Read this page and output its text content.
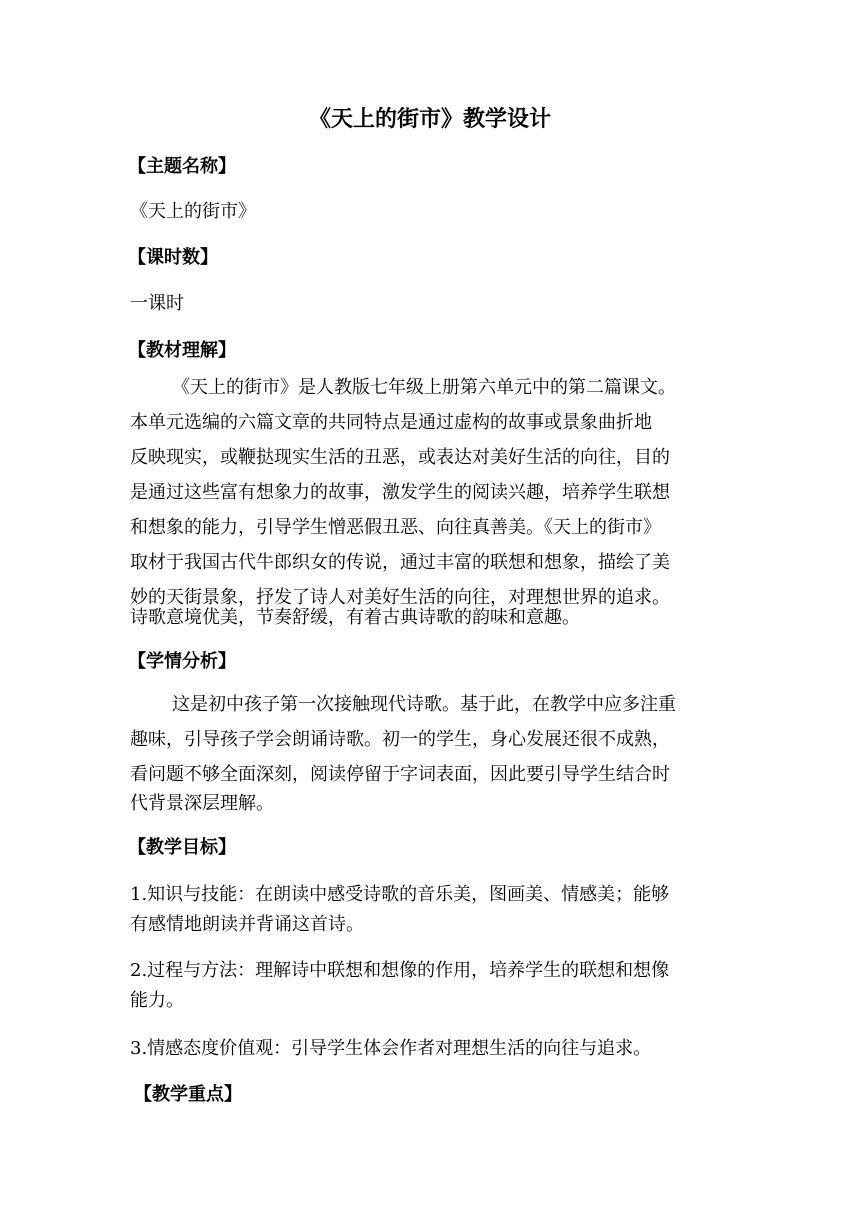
《天上的街市》教学设计
【主题名称】
《天上的街市》
【课时数】
一课时
【教材理解】
《天上的街市》是人教版七年级上册第六单元中的第二篇课文。
本单元选编的六篇文章的共同特点是通过虚构的故事或景象曲折地
反映现实，或鞭挞现实生活的丑恶，或表达对美好生活的向往，目的
是通过这些富有想象力的故事，激发学生的阅读兴趣，培养学生联想
和想象的能力，引导学生憎恶假丑恶、向往真善美。《天上的街市》
取材于我国古代牛郎织女的传说，通过丰富的联想和想象，描绘了美
妙的天街景象，抒发了诗人对美好生活的向往，对理想世界的追求。
诗歌意境优美，节奏舒缓，有着古典诗歌的韵味和意趣。
【学情分析】
这是初中孩子第一次接触现代诗歌。基于此，在教学中应多注重
趣味，引导孩子学会朗诵诗歌。初一的学生，身心发展还很不成熟，
看问题不够全面深刻，阅读停留于字词表面，因此要引导学生结合时
代背景深层理解。
【教学目标】
1.知识与技能：在朗读中感受诗歌的音乐美，图画美、情感美；能够
有感情地朗读并背诵这首诗。
2.过程与方法：理解诗中联想和想像的作用，培养学生的联想和想像
能力。
3.情感态度价值观：引导学生体会作者对理想生活的向往与追求。
【教学重点】
